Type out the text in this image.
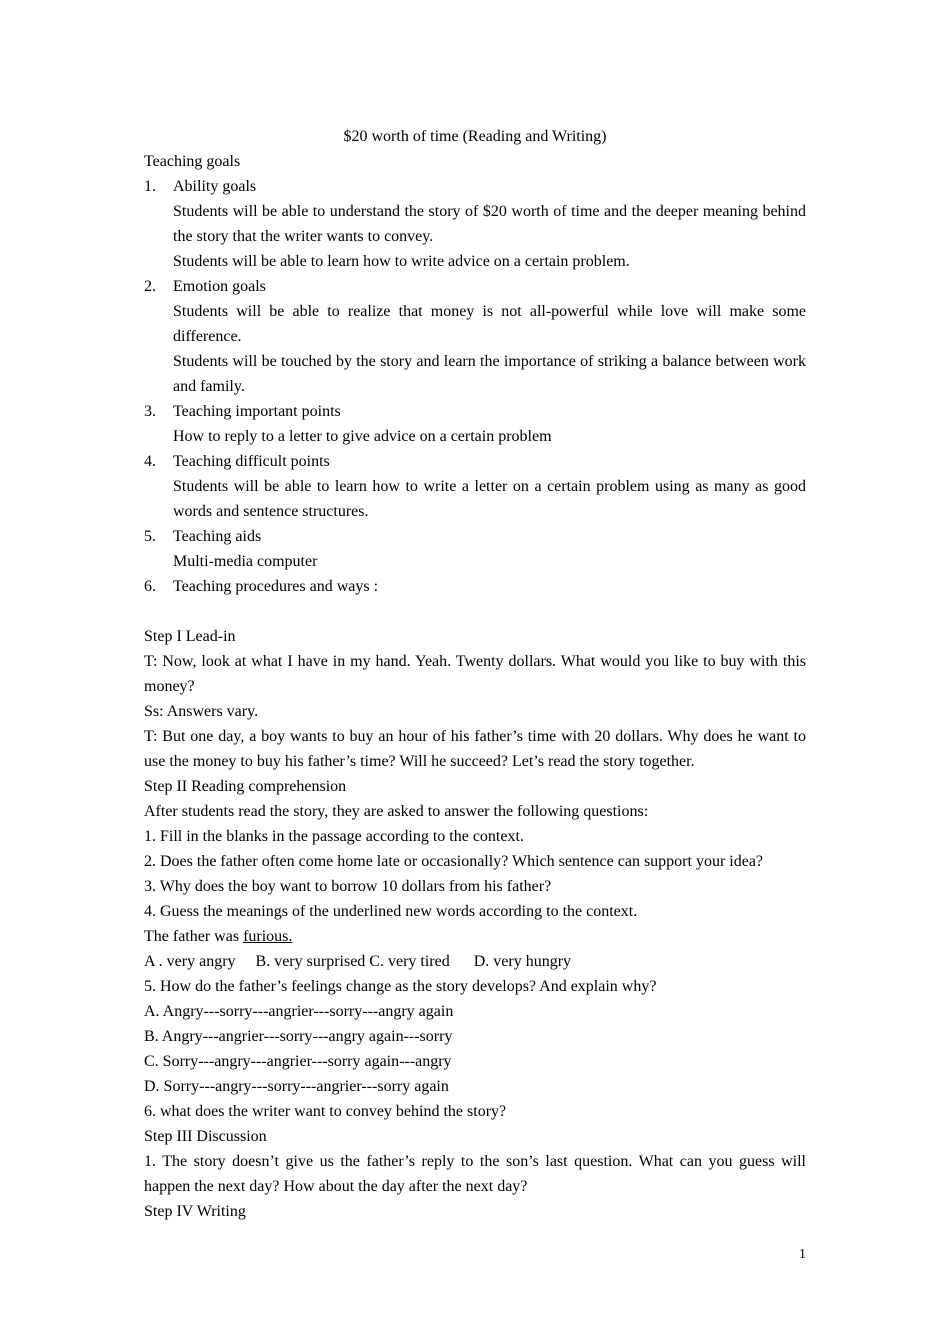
$20 worth of time (Reading and Writing)
Teaching goals
1.	Ability goals
Students will be able to understand the story of $20 worth of time and the deeper meaning behind the story that the writer wants to convey.
Students will be able to learn how to write advice on a certain problem.
2.	Emotion goals
Students will be able to realize that money is not all-powerful while love will make some difference.
Students will be touched by the story and learn the importance of striking a balance between work and family.
3.	Teaching important points
How to reply to a letter to give advice on a certain problem
4.	Teaching difficult points
Students will be able to learn how to write a letter on a certain problem using as many as good words and sentence structures.
5.	Teaching aids
Multi-media computer
6.	Teaching procedures and ways :
Step I Lead-in
T: Now, look at what I have in my hand. Yeah. Twenty dollars. What would you like to buy with this money?
Ss: Answers vary.
T: But one day, a boy wants to buy an hour of his father’s time with 20 dollars. Why does he want to use the money to buy his father’s time? Will he succeed? Let’s read the story together.
Step II Reading comprehension
After students read the story, they are asked to answer the following questions:
1. Fill in the blanks in the passage according to the context.
2. Does the father often come home late or occasionally? Which sentence can support your idea?
3. Why does the boy want to borrow 10 dollars from his father?
4. Guess the meanings of the underlined new words according to the context.
The father was furious.
A . very angry B. very surprised C. very tired D. very hungry
5. How do the father’s feelings change as the story develops? And explain why?
A. Angry---sorry---angrier---sorry---angry again
B. Angry---angrier---sorry---angry again---sorry
C. Sorry---angry---angrier---sorry again---angry
D. Sorry---angry---sorry---angrier---sorry again
6. what does the writer want to convey behind the story?
Step III Discussion
1. The story doesn’t give us the father’s reply to the son’s last question. What can you guess will happen the next day? How about the day after the next day?
Step IV Writing
1
